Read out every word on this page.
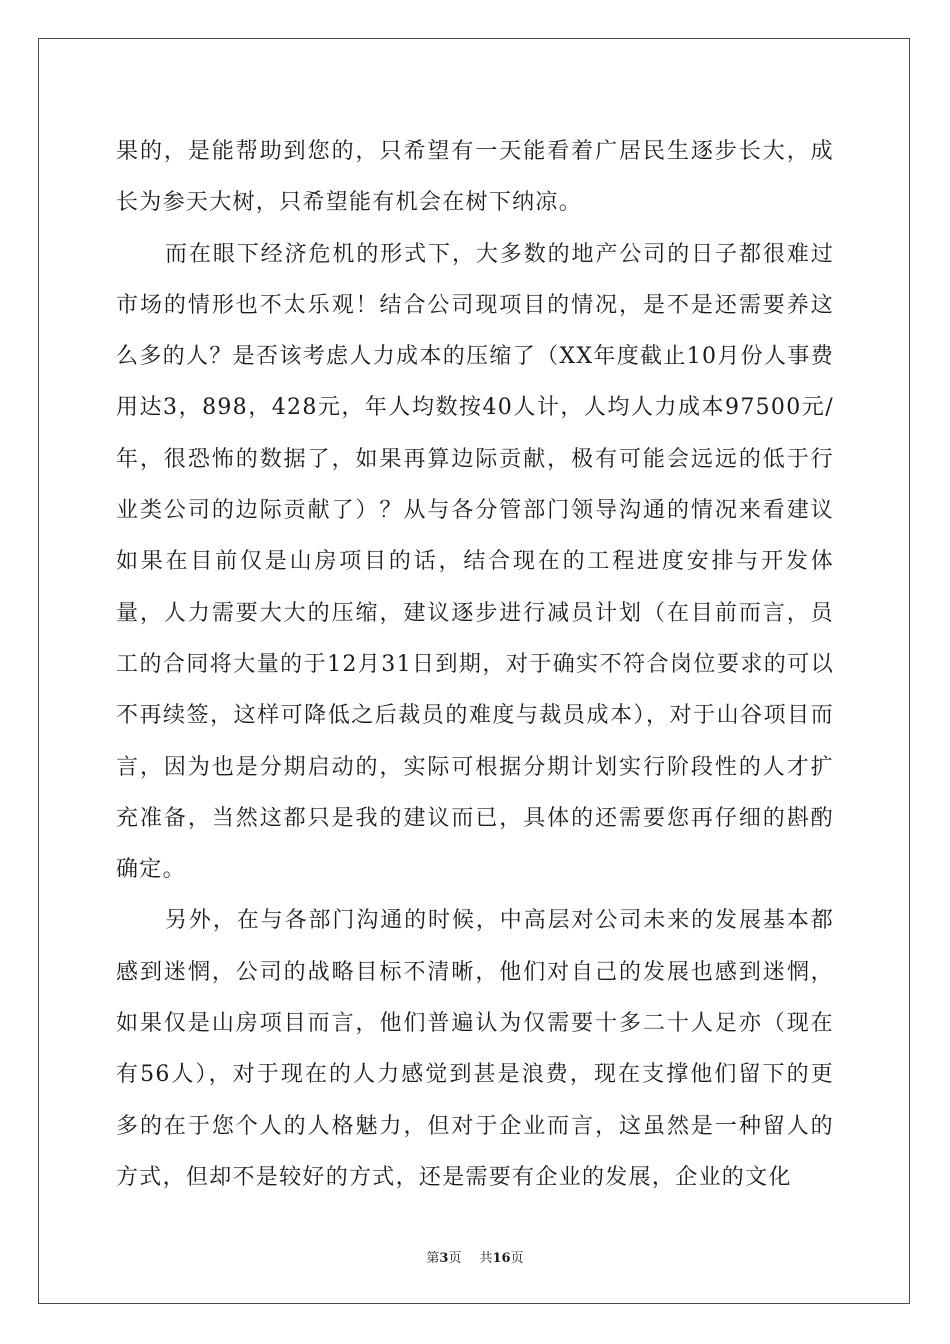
果的，是能帮助到您的，只希望有一天能看着广居民生逐步长大，成长为参天大树，只希望能有机会在树下纳凉。

而在眼下经济危机的形式下，大多数的地产公司的日子都很难过市场的情形也不太乐观！结合公司现项目的情况，是不是还需要养这么多的人？是否该考虑人力成本的压缩了（XX年度截止10月份人事费用达3，898，428元，年人均数按40人计，人均人力成本97500元/年，很恐怖的数据了，如果再算边际贡献，极有可能会远远的低于行业类公司的边际贡献了）？从与各分管部门领导沟通的情况来看建议如果在目前仅是山房项目的话，结合现在的工程进度安排与开发体量，人力需要大大的压缩，建议逐步进行减员计划（在目前而言，员工的合同将大量的于12月31日到期，对于确实不符合岗位要求的可以不再续签，这样可降低之后裁员的难度与裁员成本），对于山谷项目而言，因为也是分期启动的，实际可根据分期计划实行阶段性的人才扩充准备，当然这都只是我的建议而已，具体的还需要您再仔细的斟酌确定。

另外，在与各部门沟通的时候，中高层对公司未来的发展基本都感到迷惘，公司的战略目标不清晰，他们对自己的发展也感到迷惘，如果仅是山房项目而言，他们普遍认为仅需要十多二十人足亦（现在有56人），对于现在的人力感觉到甚是浪费，现在支撑他们留下的更多的在于您个人的人格魅力，但对于企业而言，这虽然是一种留人的方式，但却不是较好的方式，还是需要有企业的发展，企业的文化

第3页 共16页
